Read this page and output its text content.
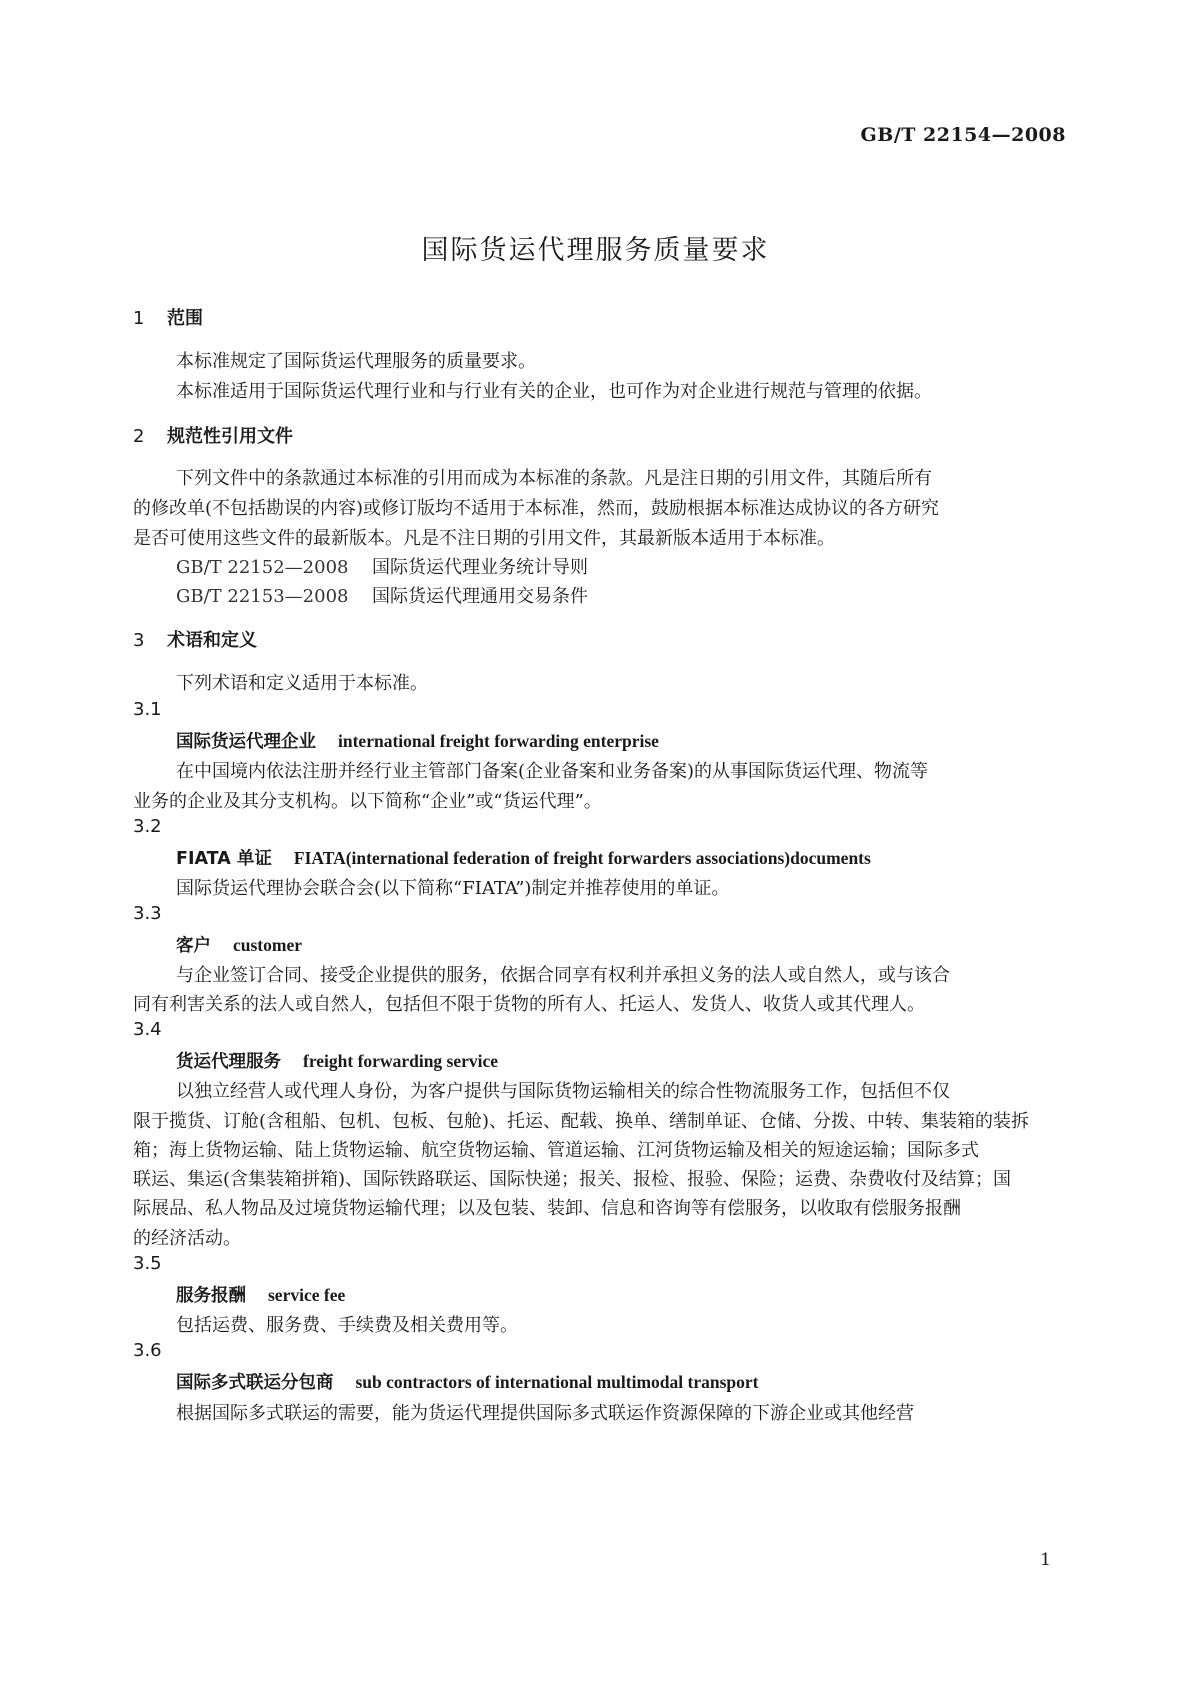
GB/T 22154—2008
国际货运代理服务质量要求
1 范围
本标准规定了国际货运代理服务的质量要求。
本标准适用于国际货运代理行业和与行业有关的企业，也可作为对企业进行规范与管理的依据。
2 规范性引用文件
下列文件中的条款通过本标准的引用而成为本标准的条款。凡是注日期的引用文件，其随后所有
的修改单(不包括勘误的内容)或修订版均不适用于本标准，然而，鼓励根据本标准达成协议的各方研究
是否可使用这些文件的最新版本。凡是不注日期的引用文件，其最新版本适用于本标准。
GB/T 22152—2008 国际货运代理业务统计导则
GB/T 22153—2008 国际货运代理通用交易条件
3 术语和定义
下列术语和定义适用于本标准。
3.1
国际货运代理企业 international freight forwarding enterprise
在中国境内依法注册并经行业主管部门备案(企业备案和业务备案)的从事国际货运代理、物流等
业务的企业及其分支机构。以下简称“企业”或“货运代理”。
3.2
FIATA 单证 FIATA(international federation of freight forwarders associations)documents
国际货运代理协会联合会(以下简称“FIATA”)制定并推荐使用的单证。
3.3
客户 customer
与企业签订合同、接受企业提供的服务，依据合同享有权利并承担义务的法人或自然人，或与该合
同有利害关系的法人或自然人，包括但不限于货物的所有人、托运人、发货人、收货人或其代理人。
3.4
货运代理服务 freight forwarding service
以独立经营人或代理人身份，为客户提供与国际货物运输相关的综合性物流服务工作，包括但不仅
限于揽货、订舱(含租船、包机、包板、包舱)、托运、配载、换单、缮制单证、仓储、分拨、中转、集装箱的装拆
箱；海上货物运输、陆上货物运输、航空货物运输、管道运输、江河货物运输及相关的短途运输；国际多式
联运、集运(含集装箱拼箱)、国际铁路联运、国际快递；报关、报检、报验、保险；运费、杂费收付及结算；国
际展品、私人物品及过境货物运输代理；以及包装、装卸、信息和咨询等有偿服务，以收取有偿服务报酬
的经济活动。
3.5
服务报酬 service fee
包括运费、服务费、手续费及相关费用等。
3.6
国际多式联运分包商 sub contractors of international multimodal transport
根据国际多式联运的需要，能为货运代理提供国际多式联运作资源保障的下游企业或其他经营
1
